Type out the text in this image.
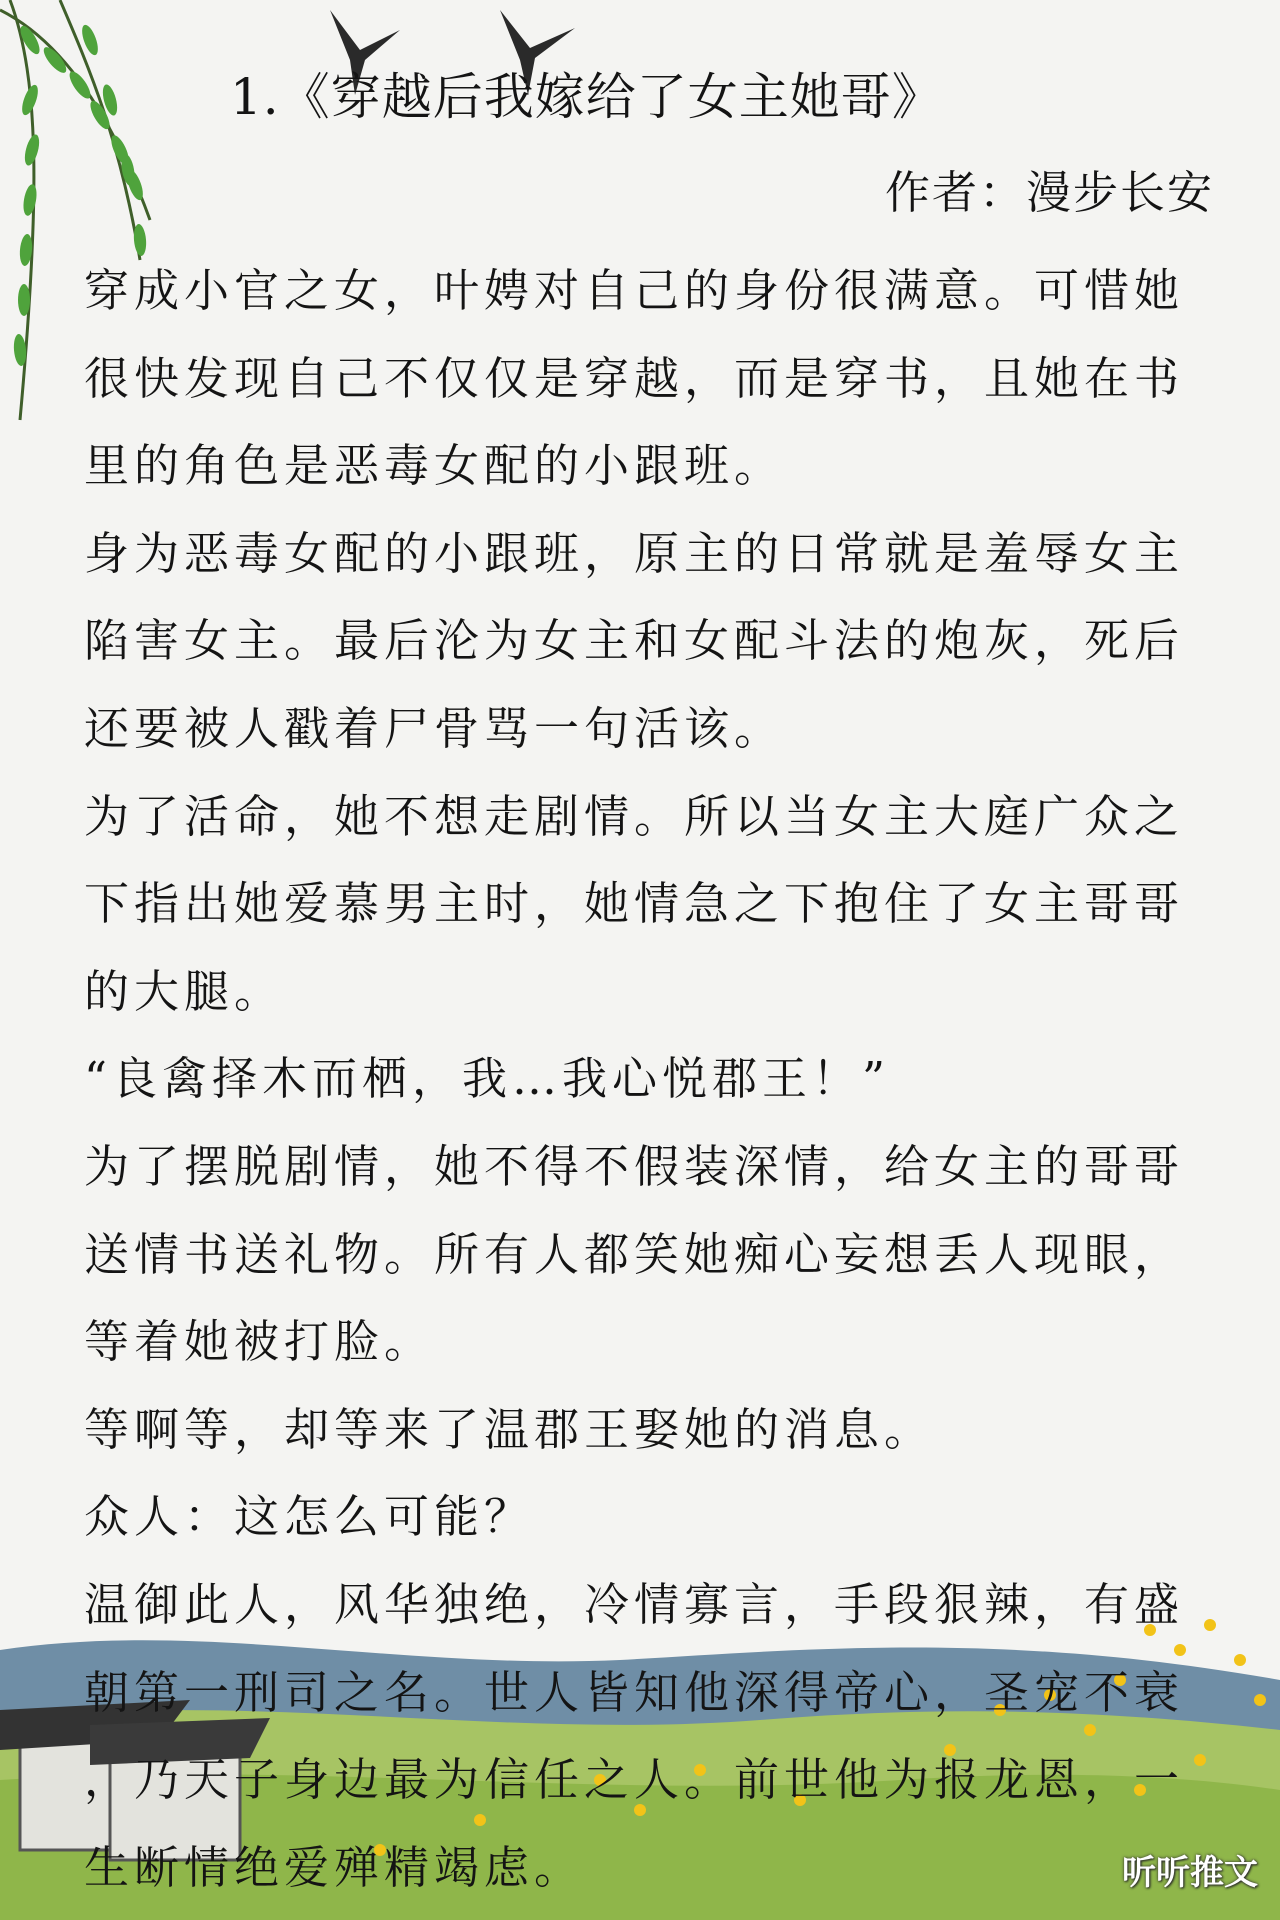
1.《穿越后我嫁给了女主她哥》
作者：漫步长安
穿成小官之女，叶娉对自己的身份很满意。可惜她
很快发现自己不仅仅是穿越，而是穿书，且她在书
里的角色是恶毒女配的小跟班。
身为恶毒女配的小跟班，原主的日常就是羞辱女主
陷害女主。最后沦为女主和女配斗法的炮灰，死后
还要被人戳着尸骨骂一句活该。
为了活命，她不想走剧情。所以当女主大庭广众之
下指出她爱慕男主时，她情急之下抱住了女主哥哥
的大腿。
“良禽择木而栖，我…我心悦郡王！”
为了摆脱剧情，她不得不假装深情，给女主的哥哥
送情书送礼物。所有人都笑她痴心妄想丢人现眼，
等着她被打脸。
等啊等，却等来了温郡王娶她的消息。
众人：这怎么可能？
温御此人，风华独绝，冷情寡言，手段狠辣，有盛
朝第一刑司之名。世人皆知他深得帝心，圣宠不衰
，乃天子身边最为信任之人。前世他为报龙恩，一
生断情绝爱殚精竭虑。	听听推文
